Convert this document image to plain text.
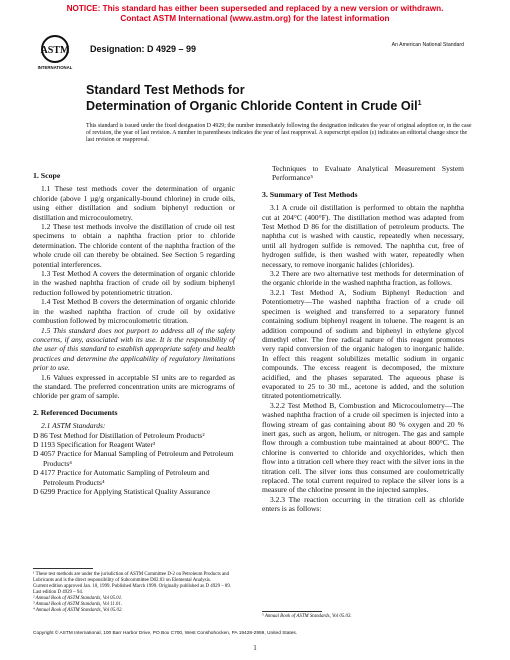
NOTICE: This standard has either been superseded and replaced by a new version or withdrawn.
Contact ASTM International (www.astm.org) for the latest information
ASTM
INTERNATIONAL
Designation: D 4929 – 99	An American National Standard
Standard Test Methods for
Determination of Organic Chloride Content in Crude Oil$^1$
This standard is issued under the fixed designation D 4929; the number immediately following the designation indicates the year of original adoption or, in the case of revision, the year of last revision. A number in parentheses indicates the year of last reapproval. A superscript epsilon (ε) indicates an editorial change since the last revision or reapproval.
1. Scope

1.1 These test methods cover the determination of organic chloride (above 1 µg/g organically-bound chlorine) in crude oils, using either distillation and sodium biphenyl reduction or distillation and microcoulometry.

1.2 These test methods involve the distillation of crude oil test specimens to obtain a naphtha fraction prior to chloride determination. The chloride content of the naphtha fraction of the whole crude oil can thereby be obtained. See Section 5 regarding potential interferences.

1.3 Test Method A covers the determination of organic chloride in the washed naphtha fraction of crude oil by sodium biphenyl reduction followed by potentiometric titration.

1.4 Test Method B covers the determination of organic chloride in the washed naphtha fraction of crude oil by oxidative combustion followed by microcoulometric titration.

1.5 This standard does not purport to address all of the safety concerns, if any, associated with its use. It is the responsibility of the user of this standard to establish appropriate safety and health practices and determine the applicability of regulatory limitations prior to use.

1.6 Values expressed in acceptable SI units are to regarded as the standard. The preferred concentration units are micrograms of chloride per gram of sample.

2. Referenced Documents
2.1 ASTM Standards:
D 86 Test Method for Distillation of Petroleum Products²
D 1193 Specification for Reagent Water³
D 4057 Practice for Manual Sampling of Petroleum and Petroleum Products⁴
D 4177 Practice for Automatic Sampling of Petroleum and Petroleum Products⁴
D 6299 Practice for Applying Statistical Quality Assurance
¹ These test methods are under the jurisdiction of ASTM Committee D-2 on Petroleum Products and Lubricants and is the direct responsibility of Subcommittee D02.03 on Elemental Analysis.
Current edition approved Jan. 10, 1999. Published March 1999. Originally published as D 4929 – 89. Last edition D 4929 – 94.
² Annual Book of ASTM Standards, Vol 05.01.
³ Annual Book of ASTM Standards, Vol 11.01.
⁴ Annual Book of ASTM Standards, Vol 05.02.

Techniques to Evaluate Analytical Measurement System Performance⁵

3. Summary of Test Methods

3.1 A crude oil distillation is performed to obtain the naphtha cut at 204°C (400°F). The distillation method was adapted from Test Method D 86 for the distillation of petroleum products. The naphtha cut is washed with caustic, repeatedly when necessary, until all hydrogen sulfide is removed. The naphtha cut, free of hydrogen sulfide, is then washed with water, repeatedly when necessary, to remove inorganic halides (chlorides).

3.2 There are two alternative test methods for determination of the organic chloride in the washed naphtha fraction, as follows.

3.2.1 Test Method A, Sodium Biphenyl Reduction and Potentiometry—The washed naphtha fraction of a crude oil specimen is weighed and transferred to a separatory funnel containing sodium biphenyl reagent in toluene. The reagent is an addition compound of sodium and biphenyl in ethylene glycol dimethyl ether. The free radical nature of this reagent promotes very rapid conversion of the organic halogen to inorganic halide. In effect this reagent solubilizes metallic sodium in organic compounds. The excess reagent is decomposed, the mixture acidified, and the phases separated. The aqueous phase is evaporated to 25 to 30 mL, acetone is added, and the solution titrated potentiometrically.

3.2.2 Test Method B, Combustion and Microcoulometry—The washed naphtha fraction of a crude oil specimen is injected into a flowing stream of gas containing about 80 % oxygen and 20 % inert gas, such as argon, helium, or nitrogen. The gas and sample flow through a combustion tube maintained at about 800°C. The chlorine is converted to chloride and oxychlorides, which then flow into a titration cell where they react with the silver ions in the titration cell. The silver ions thus consumed are coulometrically replaced. The total current required to replace the silver ions is a measure of the chlorine present in the injected samples.

3.2.3 The reaction occurring in the titration cell as chloride enters is as follows:

⁵ Annual Book of ASTM Standards, Vol 05.03.
Copyright © ASTM International, 100 Barr Harbor Drive, PO Box C700, West Conshohocken, PA 19428-2959, United States.
1
